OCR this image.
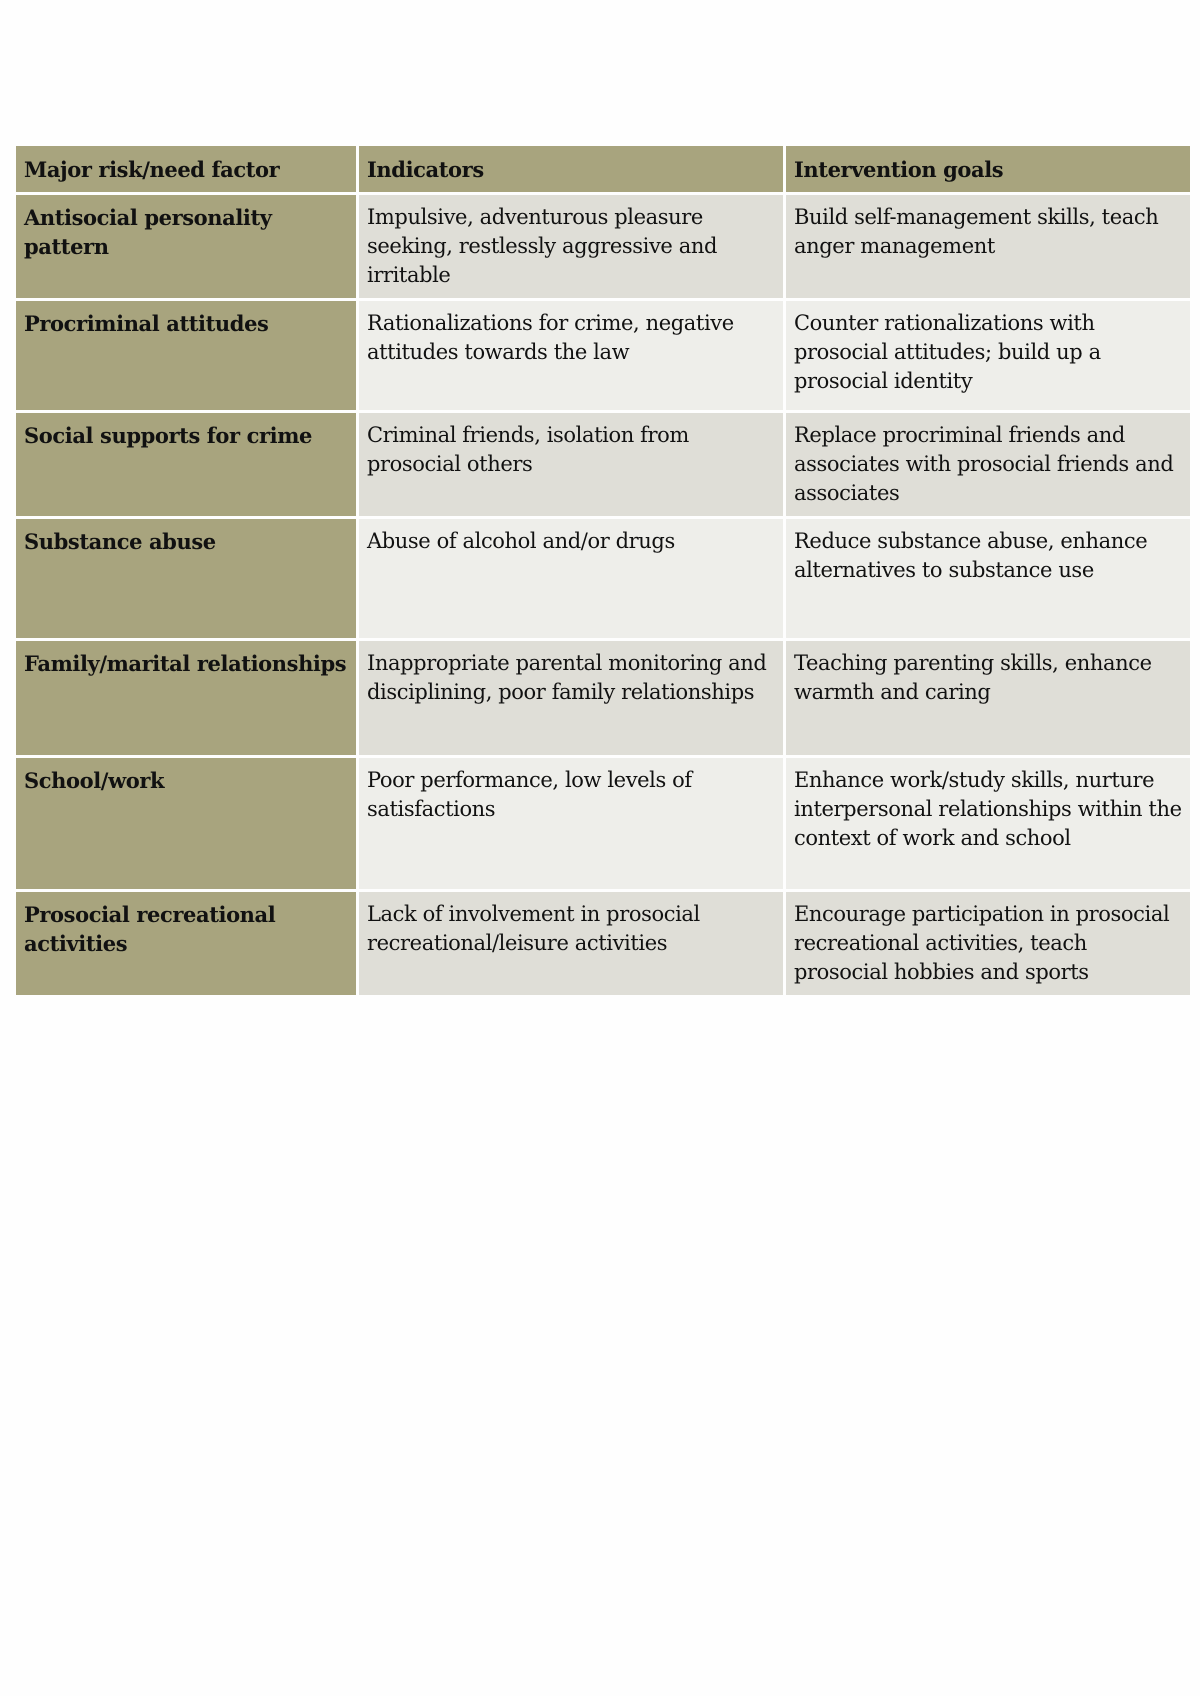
Major risk/need factor	Indicators	Intervention goals
Antisocial personality pattern	Impulsive, adventurous pleasure seeking, restlessly aggressive and irritable	Build self-management skills, teach anger management
Procriminal attitudes	Rationalizations for crime, negative attitudes towards the law	Counter rationalizations with prosocial attitudes; build up a prosocial identity
Social supports for crime	Criminal friends, isolation from prosocial others	Replace procriminal friends and associates with prosocial friends and associates
Substance abuse	Abuse of alcohol and/or drugs	Reduce substance abuse, enhance alternatives to substance use
Family/marital relationships	Inappropriate parental monitoring and disciplining, poor family relationships	Teaching parenting skills, enhance warmth and caring
School/work	Poor performance, low levels of satisfactions	Enhance work/study skills, nurture interpersonal relationships within the context of work and school
Prosocial recreational activities	Lack of involvement in prosocial recreational/leisure activities	Encourage participation in prosocial recreational activities, teach prosocial hobbies and sports
